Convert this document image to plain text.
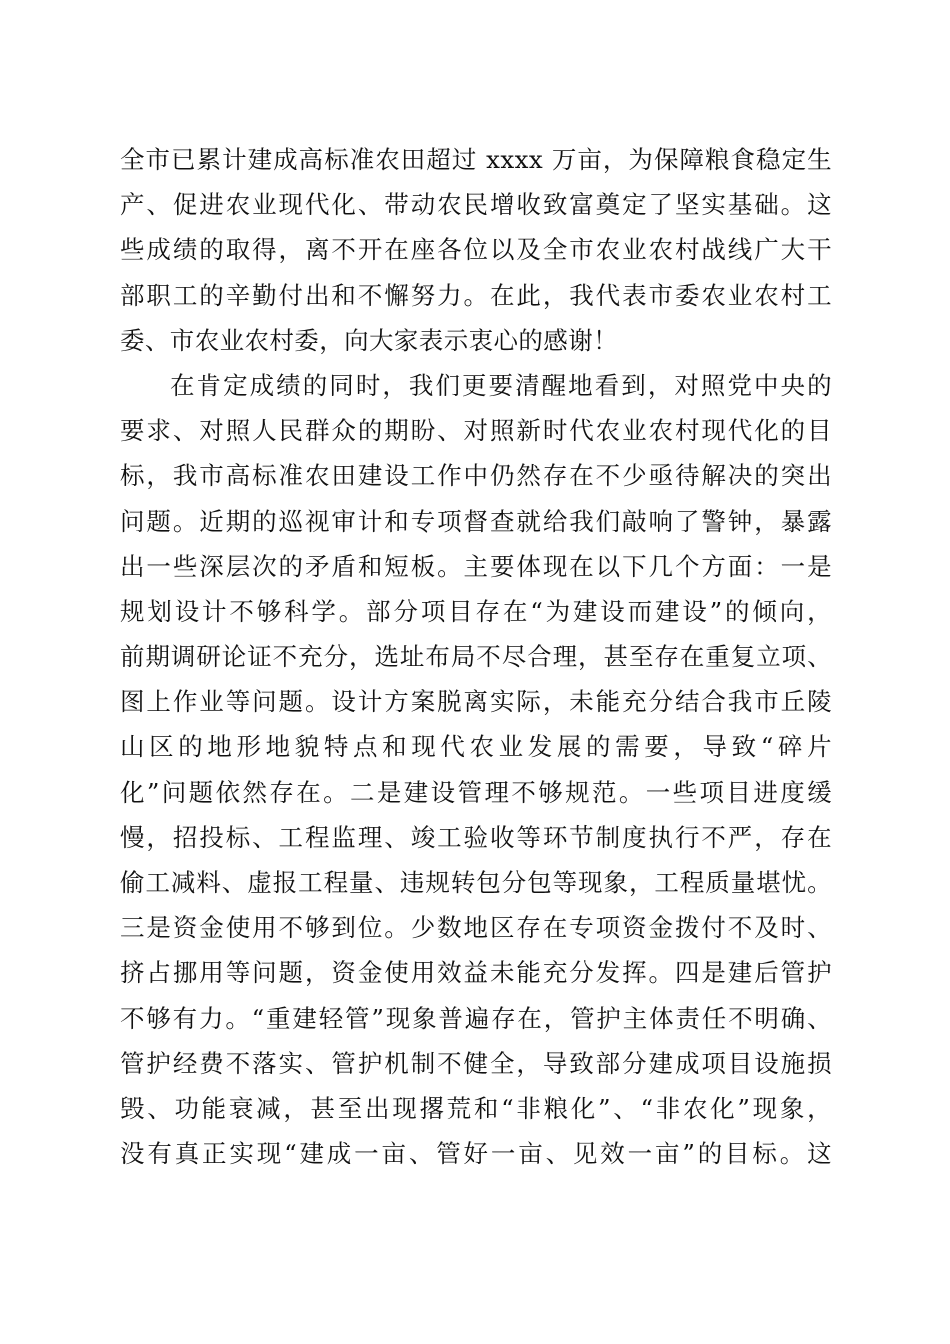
全市已累计建成高标准农田超过 xxxx 万亩，为保障粮食稳定生
产、促进农业现代化、带动农民增收致富奠定了坚实基础。这
些成绩的取得，离不开在座各位以及全市农业农村战线广大干
部职工的辛勤付出和不懈努力。在此，我代表市委农业农村工
委、市农业农村委，向大家表示衷心的感谢！
在肯定成绩的同时，我们更要清醒地看到，对照党中央的
要求、对照人民群众的期盼、对照新时代农业农村现代化的目
标，我市高标准农田建设工作中仍然存在不少亟待解决的突出
问题。近期的巡视审计和专项督查就给我们敲响了警钟，暴露
出一些深层次的矛盾和短板。主要体现在以下几个方面：一是
规划设计不够科学。部分项目存在“为建设而建设”的倾向，
前期调研论证不充分，选址布局不尽合理，甚至存在重复立项、
图上作业等问题。设计方案脱离实际，未能充分结合我市丘陵
山区的地形地貌特点和现代农业发展的需要，导致“碎片
化”问题依然存在。二是建设管理不够规范。一些项目进度缓
慢，招投标、工程监理、竣工验收等环节制度执行不严，存在
偷工减料、虚报工程量、违规转包分包等现象，工程质量堪忧。
三是资金使用不够到位。少数地区存在专项资金拨付不及时、
挤占挪用等问题，资金使用效益未能充分发挥。四是建后管护
不够有力。“重建轻管”现象普遍存在，管护主体责任不明确、
管护经费不落实、管护机制不健全，导致部分建成项目设施损
毁、功能衰减，甚至出现撂荒和“非粮化”、“非农化”现象，
没有真正实现“建成一亩、管好一亩、见效一亩”的目标。这
